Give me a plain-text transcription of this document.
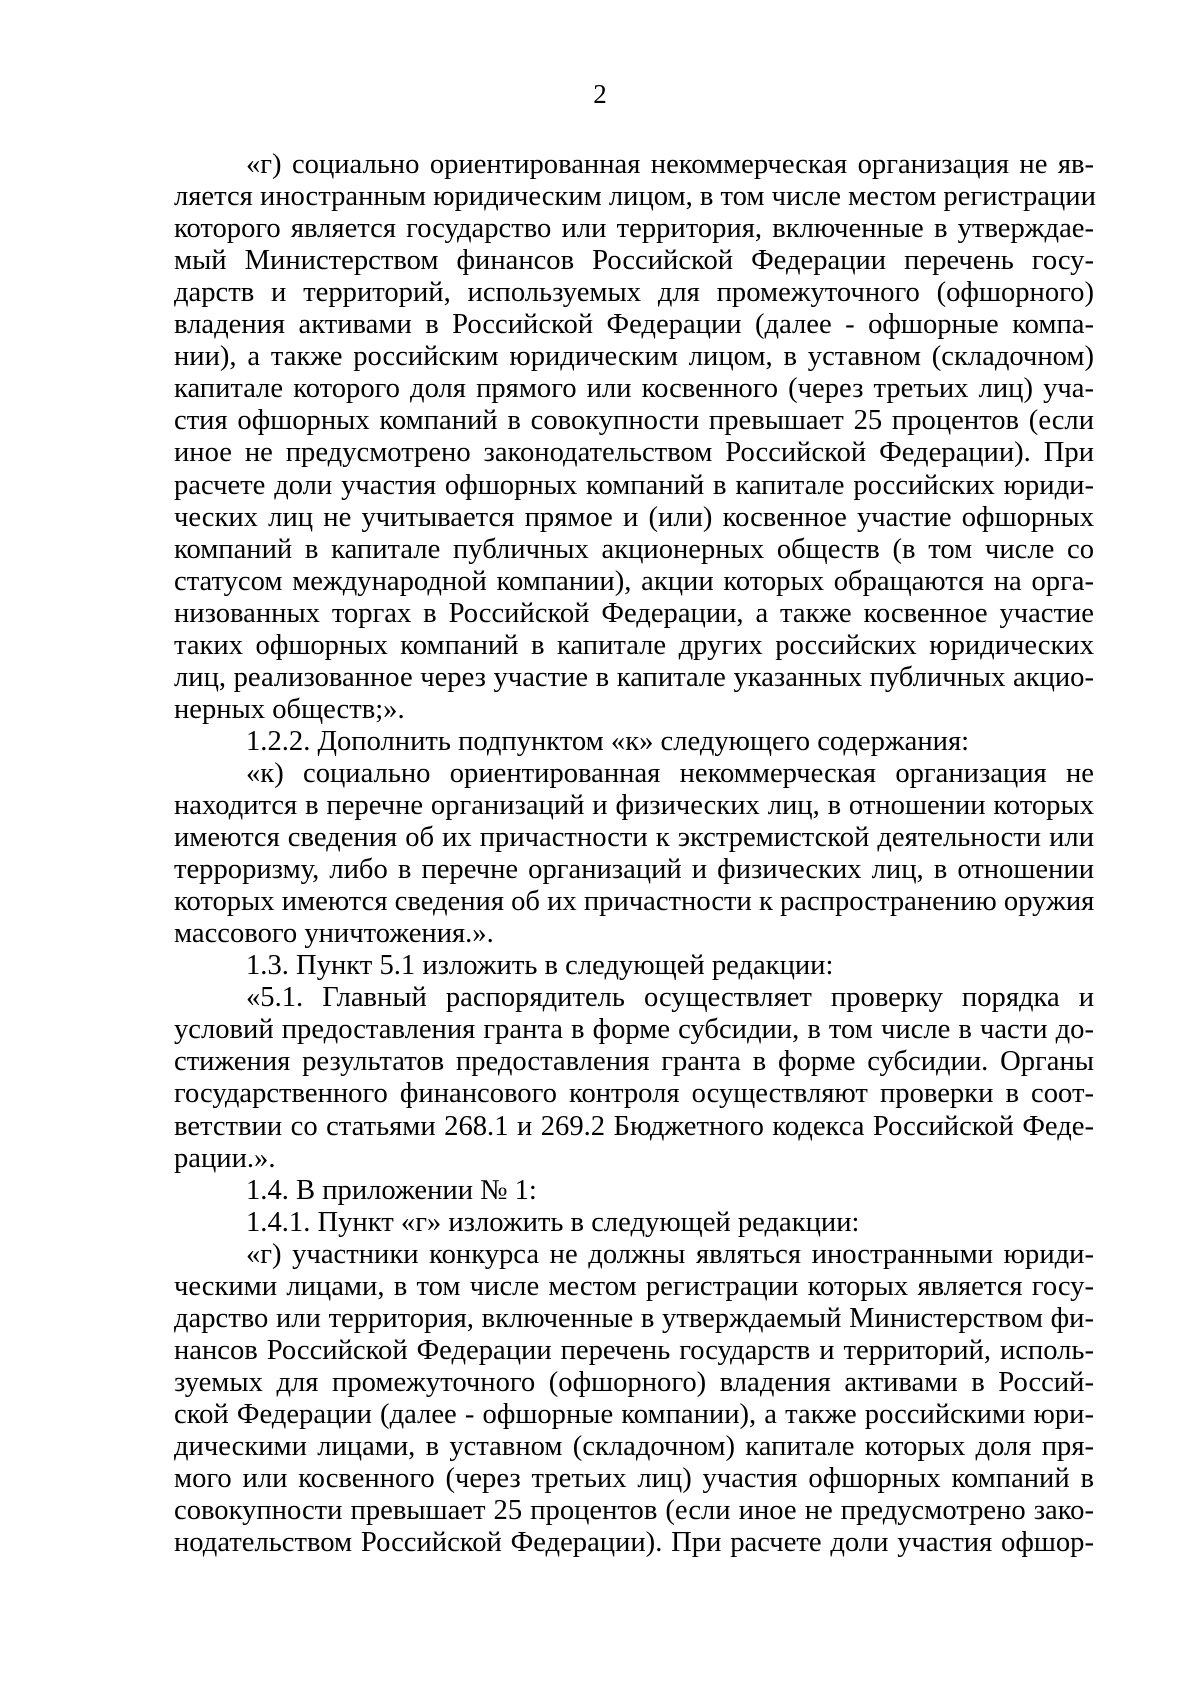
2
«г) социально ориентированная некоммерческая организация не яв-
ляется иностранным юридическим лицом, в том числе местом регистрации
которого является государство или территория, включенные в утверждае-
мый Министерством финансов Российской Федерации перечень госу-
дарств и территорий, используемых для промежуточного (офшорного)
владения активами в Российской Федерации (далее - офшорные компа-
нии), а также российским юридическим лицом, в уставном (складочном)
капитале которого доля прямого или косвенного (через третьих лиц) уча-
стия офшорных компаний в совокупности превышает 25 процентов (если
иное не предусмотрено законодательством Российской Федерации). При
расчете доли участия офшорных компаний в капитале российских юриди-
ческих лиц не учитывается прямое и (или) косвенное участие офшорных
компаний в капитале публичных акционерных обществ (в том числе со
статусом международной компании), акции которых обращаются на орга-
низованных торгах в Российской Федерации, а также косвенное участие
таких офшорных компаний в капитале других российских юридических
лиц, реализованное через участие в капитале указанных публичных акцио-
нерных обществ;».
1.2.2. Дополнить подпунктом «к» следующего содержания:
«к) социально ориентированная некоммерческая организация не
находится в перечне организаций и физических лиц, в отношении которых
имеются сведения об их причастности к экстремистской деятельности или
терроризму, либо в перечне организаций и физических лиц, в отношении
которых имеются сведения об их причастности к распространению оружия
массового уничтожения.».
1.3. Пункт 5.1 изложить в следующей редакции:
«5.1. Главный распорядитель осуществляет проверку порядка и
условий предоставления гранта в форме субсидии, в том числе в части до-
стижения результатов предоставления гранта в форме субсидии. Органы
государственного финансового контроля осуществляют проверки в соот-
ветствии со статьями 268.1 и 269.2 Бюджетного кодекса Российской Феде-
рации.».
1.4. В приложении № 1:
1.4.1. Пункт «г» изложить в следующей редакции:
«г) участники конкурса не должны являться иностранными юриди-
ческими лицами, в том числе местом регистрации которых является госу-
дарство или территория, включенные в утверждаемый Министерством фи-
нансов Российской Федерации перечень государств и территорий, исполь-
зуемых для промежуточного (офшорного) владения активами в Россий-
ской Федерации (далее - офшорные компании), а также российскими юри-
дическими лицами, в уставном (складочном) капитале которых доля пря-
мого или косвенного (через третьих лиц) участия офшорных компаний в
совокупности превышает 25 процентов (если иное не предусмотрено зако-
нодательством Российской Федерации). При расчете доли участия офшор-
